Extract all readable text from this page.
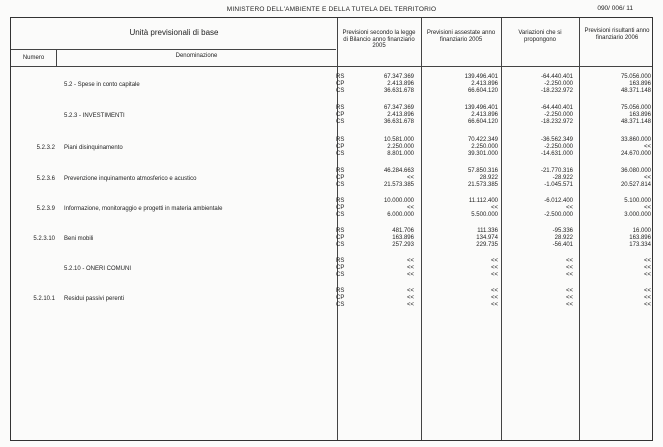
MINISTERO DELL'AMBIENTE E DELLA TUTELA DEL TERRITORIO	090/ 006/ 11
Unità previsionali di base
Numero	Denominazione
Previsioni secondo la legge di Bilancio anno finanziario 2005
Previsioni assestate anno finanziario 2005
Variazioni che si propongono
Previsioni risultanti anno finanziario 2006
5.2 - Spese in conto capitale
RS	67.347.369	139.496.401	-64.440.401	75.056.000
CP	2.413.896	2.413.896	-2.250.000	163.896
CS	36.631.678	66.604.120	-18.232.972	48.371.148
5.2.3 - INVESTIMENTI
RS	67.347.369	139.496.401	-64.440.401	75.056.000
CP	2.413.896	2.413.896	-2.250.000	163.896
CS	36.631.678	66.604.120	-18.232.972	48.371.148
5.2.3.2 Piani disinquinamento
RS	10.581.000	70.422.349	-36.562.349	33.860.000
CP	2.250.000	2.250.000	-2.250.000	<<
CS	8.801.000	39.301.000	-14.631.000	24.670.000
5.2.3.6 Prevenzione inquinamento atmosferico e acustico
RS	46.284.663	57.850.316	-21.770.316	36.080.000
CP	<<	28.922	-28.922	<<
CS	21.573.385	21.573.385	-1.045.571	20.527.814
5.2.3.9 Informazione, monitoraggio e progetti in materia ambientale
RS	10.000.000	11.112.400	-6.012.400	5.100.000
CP	<<	<<	<<	<<
CS	6.000.000	5.500.000	-2.500.000	3.000.000
5.2.3.10 Beni mobili
RS	481.706	111.336	-95.336	16.000
CP	163.896	134.974	28.922	163.896
CS	257.293	229.735	-56.401	173.334
5.2.10 - ONERI COMUNI
RS	<<	<<	<<	<<
CP	<<	<<	<<	<<
CS	<<	<<	<<	<<
5.2.10.1 Residui passivi perenti
RS	<<	<<	<<	<<
CP	<<	<<	<<	<<
CS	<<	<<	<<	<<
